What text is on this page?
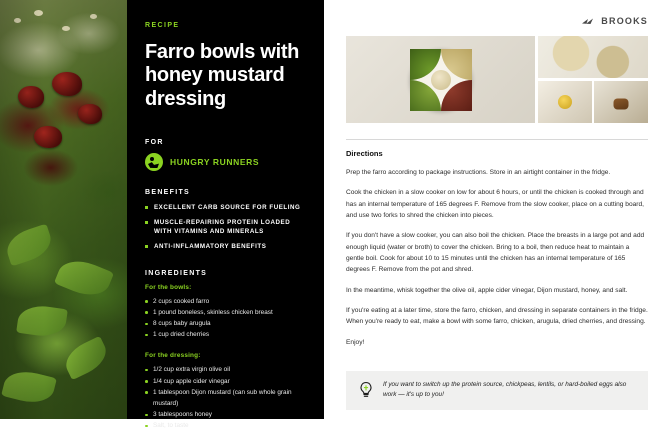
RECIPE
Farro bowls with honey mustard dressing
FOR
HUNGRY RUNNERS
BENEFITS
EXCELLENT CARB SOURCE FOR FUELING
MUSCLE-REPAIRING PROTEIN LOADED WITH VITAMINS AND MINERALS
ANTI-INFLAMMATORY BENEFITS
INGREDIENTS
For the bowls:
2 cups cooked farro
1 pound boneless, skinless chicken breast
8 cups baby arugula
1 cup dried cherries
For the dressing:
1/2 cup extra virgin olive oil
1/4 cup apple cider vinegar
1 tablespoon Dijon mustard (can sub whole grain mustard)
3 tablespoons honey
Salt, to taste
BROOKS
Directions

Prep the farro according to package instructions. Store in an airtight container in the fridge.

Cook the chicken in a slow cooker on low for about 6 hours, or until the chicken is cooked through and has an internal temperature of 165 degrees F. Remove from the slow cooker, place on a cutting board, and use two forks to shred the chicken into pieces.

If you don't have a slow cooker, you can also boil the chicken. Place the breasts in a large pot and add enough liquid (water or broth) to cover the chicken. Bring to a boil, then reduce heat to maintain a gentle boil. Cook for about 10 to 15 minutes until the chicken has an internal temperature of 165 degrees F. Remove from the pot and shred.

In the meantime, whisk together the olive oil, apple cider vinegar, Dijon mustard, honey, and salt.

If you're eating at a later time, store the farro, chicken, and dressing in separate containers in the fridge. When you're ready to eat, make a bowl with some farro, chicken, arugula, dried cherries, and dressing.

Enjoy!

If you want to switch up the protein source, chickpeas, lentils, or hard-boiled eggs also work — it's up to you!
